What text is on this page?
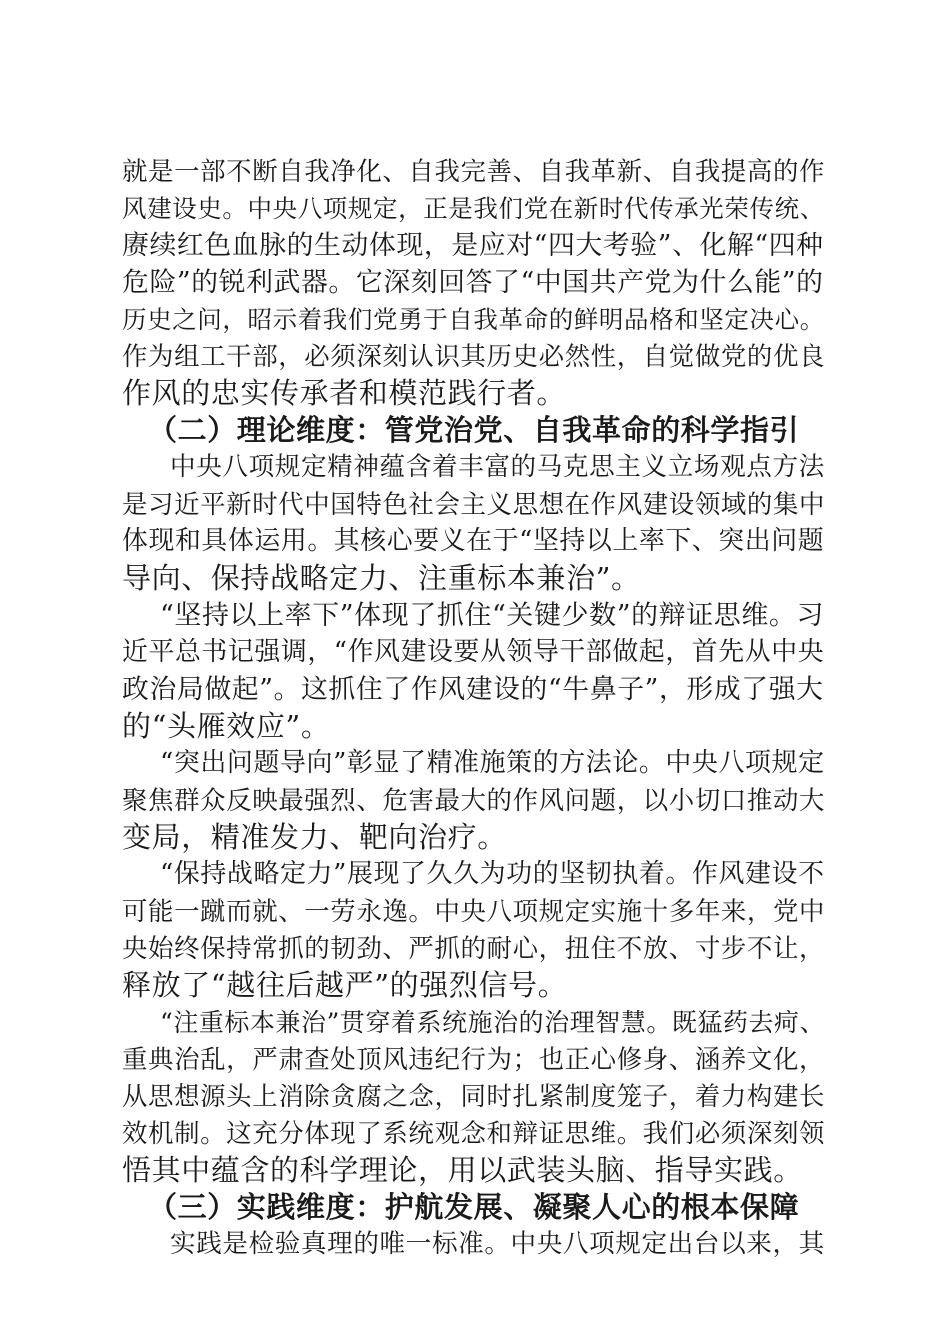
就是一部不断自我净化、自我完善、自我革新、自我提高的作
风建设史。中央八项规定，正是我们党在新时代传承光荣传统、
赓续红色血脉的生动体现，是应对“四大考验”、化解“四种
危险”的锐利武器。它深刻回答了“中国共产党为什么能”的
历史之问，昭示着我们党勇于自我革命的鲜明品格和坚定决心。
作为组工干部，必须深刻认识其历史必然性，自觉做党的优良
作风的忠实传承者和模范践行者。
（二）理论维度：管党治党、自我革命的科学指引
中央八项规定精神蕴含着丰富的马克思主义立场观点方法
是习近平新时代中国特色社会主义思想在作风建设领域的集中
体现和具体运用。其核心要义在于“坚持以上率下、突出问题
导向、保持战略定力、注重标本兼治”。
“坚持以上率下”体现了抓住“关键少数”的辩证思维。习
近平总书记强调，“作风建设要从领导干部做起，首先从中央
政治局做起”。这抓住了作风建设的“牛鼻子”，形成了强大
的“头雁效应”。
“突出问题导向”彰显了精准施策的方法论。中央八项规定
聚焦群众反映最强烈、危害最大的作风问题，以小切口推动大
变局，精准发力、靶向治疗。
“保持战略定力”展现了久久为功的坚韧执着。作风建设不
可能一蹴而就、一劳永逸。中央八项规定实施十多年来，党中
央始终保持常抓的韧劲、严抓的耐心，扭住不放、寸步不让，
释放了“越往后越严”的强烈信号。
“注重标本兼治”贯穿着系统施治的治理智慧。既猛药去疴、
重典治乱，严肃查处顶风违纪行为；也正心修身、涵养文化，
从思想源头上消除贪腐之念，同时扎紧制度笼子，着力构建长
效机制。这充分体现了系统观念和辩证思维。我们必须深刻领
悟其中蕴含的科学理论，用以武装头脑、指导实践。
（三）实践维度：护航发展、凝聚人心的根本保障
实践是检验真理的唯一标准。中央八项规定出台以来，其
